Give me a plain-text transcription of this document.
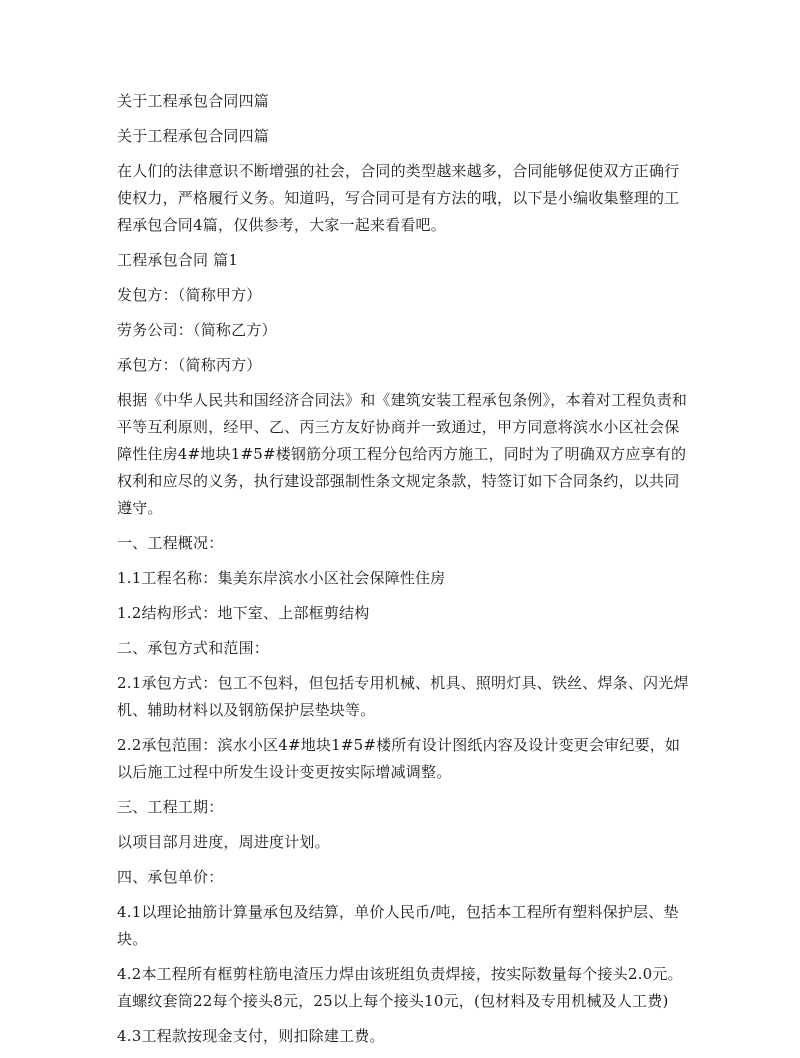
关于工程承包合同四篇

关于工程承包合同四篇

在人们的法律意识不断增强的社会，合同的类型越来越多，合同能够促使双方正确行使权力，严格履行义务。知道吗，写合同可是有方法的哦，以下是小编收集整理的工程承包合同4篇，仅供参考，大家一起来看看吧。

工程承包合同 篇1

发包方：（简称甲方）

劳务公司：（简称乙方）

承包方：（简称丙方）

根据《中华人民共和国经济合同法》和《建筑安装工程承包条例》，本着对工程负责和平等互利原则，经甲、乙、丙三方友好协商并一致通过，甲方同意将滨水小区社会保障性住房4#地块1#5#楼钢筋分项工程分包给丙方施工，同时为了明确双方应享有的权利和应尽的义务，执行建设部强制性条文规定条款，特签订如下合同条约，以共同遵守。

一、工程概况：

1.1工程名称：集美东岸滨水小区社会保障性住房

1.2结构形式：地下室、上部框剪结构

二、承包方式和范围：

2.1承包方式：包工不包料，但包括专用机械、机具、照明灯具、铁丝、焊条、闪光焊机、辅助材料以及钢筋保护层垫块等。

2.2承包范围：滨水小区4#地块1#5#楼所有设计图纸内容及设计变更会审纪要，如以后施工过程中所发生设计变更按实际增减调整。

三、工程工期：

以项目部月进度，周进度计划。

四、承包单价：

4.1以理论抽筋计算量承包及结算，单价人民币/吨，包括本工程所有塑料保护层、垫块。

4.2本工程所有框剪柱筋电渣压力焊由该班组负责焊接，按实际数量每个接头2.0元。直螺纹套筒22每个接头8元，25以上每个接头10元，(包材料及专用机械及人工费)

4.3工程款按现金支付，则扣除建工费。
